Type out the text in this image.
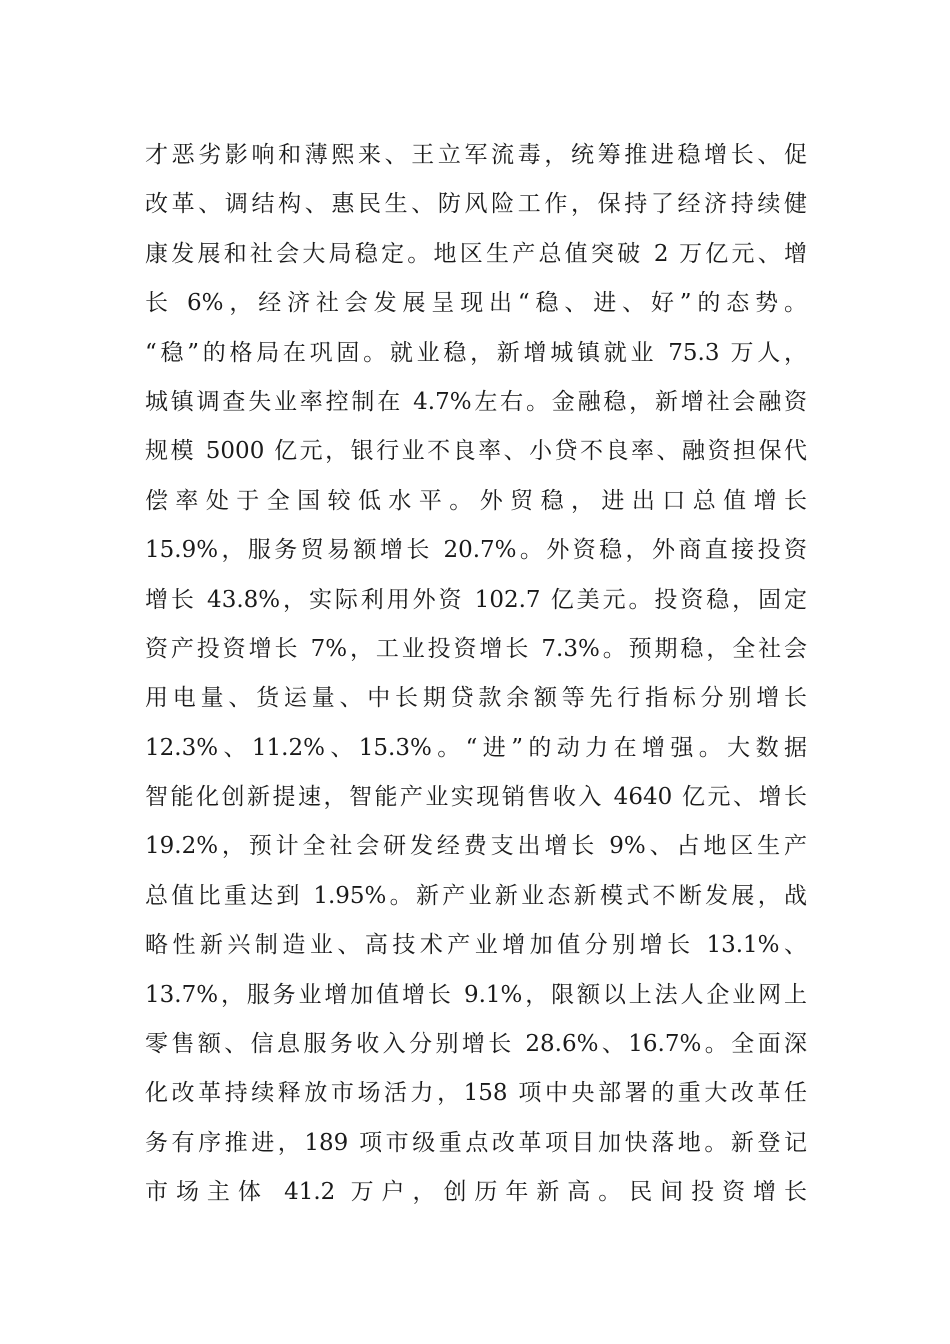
才恶劣影响和薄熙来、王立军流毒，统筹推进稳增长、促
改革、调结构、惠民生、防风险工作，保持了经济持续健
康发展和社会大局稳定。地区生产总值突破 2 万亿元、增
长 6%，经济社会发展呈现出“稳、进、好”的态势。
“稳”的格局在巩固。就业稳，新增城镇就业 75.3 万人，
城镇调查失业率控制在 4.7%左右。金融稳，新增社会融资
规模 5000 亿元，银行业不良率、小贷不良率、融资担保代
偿率处于全国较低水平。外贸稳，进出口总值增长
15.9%，服务贸易额增长 20.7%。外资稳，外商直接投资
增长 43.8%，实际利用外资 102.7 亿美元。投资稳，固定
资产投资增长 7%，工业投资增长 7.3%。预期稳，全社会
用电量、货运量、中长期贷款余额等先行指标分别增长
12.3%、11.2%、15.3%。“进”的动力在增强。大数据
智能化创新提速，智能产业实现销售收入 4640 亿元、增长
19.2%，预计全社会研发经费支出增长 9%、占地区生产
总值比重达到 1.95%。新产业新业态新模式不断发展，战
略性新兴制造业、高技术产业增加值分别增长 13.1%、
13.7%，服务业增加值增长 9.1%，限额以上法人企业网上
零售额、信息服务收入分别增长 28.6%、16.7%。全面深
化改革持续释放市场活力，158 项中央部署的重大改革任
务有序推进，189 项市级重点改革项目加快落地。新登记
市场主体 41.2 万户，创历年新高。民间投资增长
